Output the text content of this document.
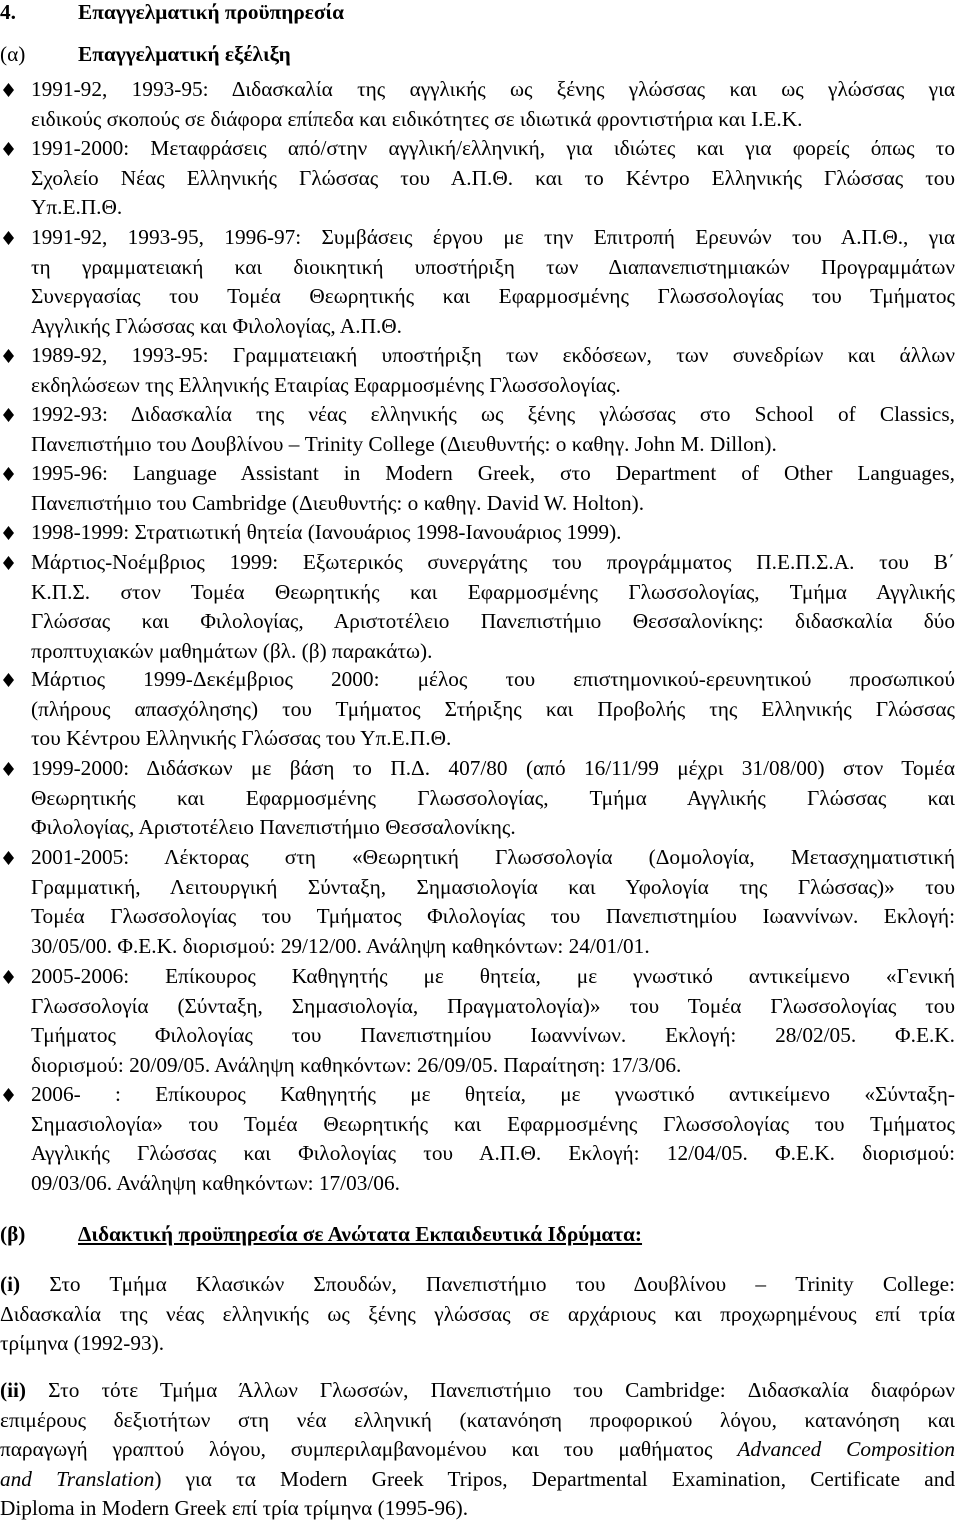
4.	Επαγγελματική προϋπηρεσία
(α) Επαγγελματική εξέλιξη
1991-92, 1993-95: Διδασκαλία της αγγλικής ως ξένης γλώσσας και ως γλώσσας για
ειδικούς σκοπούς σε διάφορα επίπεδα και ειδικότητες σε ιδιωτικά φροντιστήρια και Ι.Ε.Κ.
1991-2000: Μεταφράσεις από/στην αγγλική/ελληνική, για ιδιώτες και για φορείς όπως το
Σχολείο Νέας Ελληνικής Γλώσσας του Α.Π.Θ. και το Κέντρο Ελληνικής Γλώσσας του
Υπ.Ε.Π.Θ.
1991-92, 1993-95, 1996-97: Συμβάσεις έργου με την Επιτροπή Ερευνών του Α.Π.Θ., για
τη γραμματειακή και διοικητική υποστήριξη των Διαπανεπιστημιακών Προγραμμάτων
Συνεργασίας του Τομέα Θεωρητικής και Εφαρμοσμένης Γλωσσολογίας του Τμήματος
Αγγλικής Γλώσσας και Φιλολογίας, Α.Π.Θ.
1989-92, 1993-95: Γραμματειακή υποστήριξη των εκδόσεων, των συνεδρίων και άλλων
εκδηλώσεων της Ελληνικής Εταιρίας Εφαρμοσμένης Γλωσσολογίας.
1992-93: Διδασκαλία της νέας ελληνικής ως ξένης γλώσσας στο School of Classics,
Πανεπιστήμιο του Δουβλίνου – Trinity College (Διευθυντής: ο καθηγ. John M. Dillon).
1995-96: Language Assistant in Modern Greek, στο Department of Other Languages,
Πανεπιστήμιο του Cambridge (Διευθυντής: ο καθηγ. David W. Holton).
1998-1999: Στρατιωτική θητεία (Ιανουάριος 1998-Ιανουάριος 1999).
Μάρτιος-Νοέμβριος 1999: Εξωτερικός συνεργάτης του προγράμματος Π.Ε.Π.Σ.Α. του Β΄
Κ.Π.Σ. στον Τομέα Θεωρητικής και Εφαρμοσμένης Γλωσσολογίας, Τμήμα Αγγλικής
Γλώσσας και Φιλολογίας, Αριστοτέλειο Πανεπιστήμιο Θεσσαλονίκης: διδασκαλία δύο
προπτυχιακών μαθημάτων (βλ. (β) παρακάτω).
Μάρτιος 1999-Δεκέμβριος 2000: μέλος του επιστημονικού-ερευνητικού προσωπικού
(πλήρους απασχόλησης) του Τμήματος Στήριξης και Προβολής της Ελληνικής Γλώσσας
του Κέντρου Ελληνικής Γλώσσας του Υπ.Ε.Π.Θ.
1999-2000: Διδάσκων με βάση το Π.Δ. 407/80 (από 16/11/99 μέχρι 31/08/00) στον Τομέα
Θεωρητικής και Εφαρμοσμένης Γλωσσολογίας, Τμήμα Αγγλικής Γλώσσας και
Φιλολογίας, Αριστοτέλειο Πανεπιστήμιο Θεσσαλονίκης.
2001-2005: Λέκτορας στη «Θεωρητική Γλωσσολογία (Δομολογία, Μετασχηματιστική
Γραμματική, Λειτουργική Σύνταξη, Σημασιολογία και Υφολογία της Γλώσσας)» του
Τομέα Γλωσσολογίας του Τμήματος Φιλολογίας του Πανεπιστημίου Ιωαννίνων. Εκλογή:
30/05/00. Φ.Ε.Κ. διορισμού: 29/12/00. Ανάληψη καθηκόντων: 24/01/01.
2005-2006: Επίκουρος Καθηγητής με θητεία, με γνωστικό αντικείμενο «Γενική
Γλωσσολογία (Σύνταξη, Σημασιολογία, Πραγματολογία)» του Τομέα Γλωσσολογίας του
Τμήματος Φιλολογίας του Πανεπιστημίου Ιωαννίνων. Εκλογή: 28/02/05. Φ.Ε.Κ.
διορισμού: 20/09/05. Ανάληψη καθηκόντων: 26/09/05. Παραίτηση: 17/3/06.
2006- : Επίκουρος Καθηγητής με θητεία, με γνωστικό αντικείμενο «Σύνταξη-
Σημασιολογία» του Τομέα Θεωρητικής και Εφαρμοσμένης Γλωσσολογίας του Τμήματος
Αγγλικής Γλώσσας και Φιλολογίας του Α.Π.Θ. Εκλογή: 12/04/05. Φ.Ε.Κ. διορισμού:
09/03/06. Ανάληψη καθηκόντων: 17/03/06.
(β) Διδακτική προϋπηρεσία σε Ανώτατα Εκπαιδευτικά Ιδρύματα:
(i) Στο Τμήμα Κλασικών Σπουδών, Πανεπιστήμιο του Δουβλίνου – Trinity College:
Διδασκαλία της νέας ελληνικής ως ξένης γλώσσας σε αρχάριους και προχωρημένους επί τρία
τρίμηνα (1992-93).
(ii) Στο τότε Τμήμα Άλλων Γλωσσών, Πανεπιστήμιο του Cambridge: Διδασκαλία διαφόρων
επιμέρους δεξιοτήτων στη νέα ελληνική (κατανόηση προφορικού λόγου, κατανόηση και
παραγωγή γραπτού λόγου, συμπεριλαμβανομένου και του μαθήματος Advanced Composition
and Translation) για τα Modern Greek Tripos, Departmental Examination, Certificate and
Diploma in Modern Greek επί τρία τρίμηνα (1995-96).
